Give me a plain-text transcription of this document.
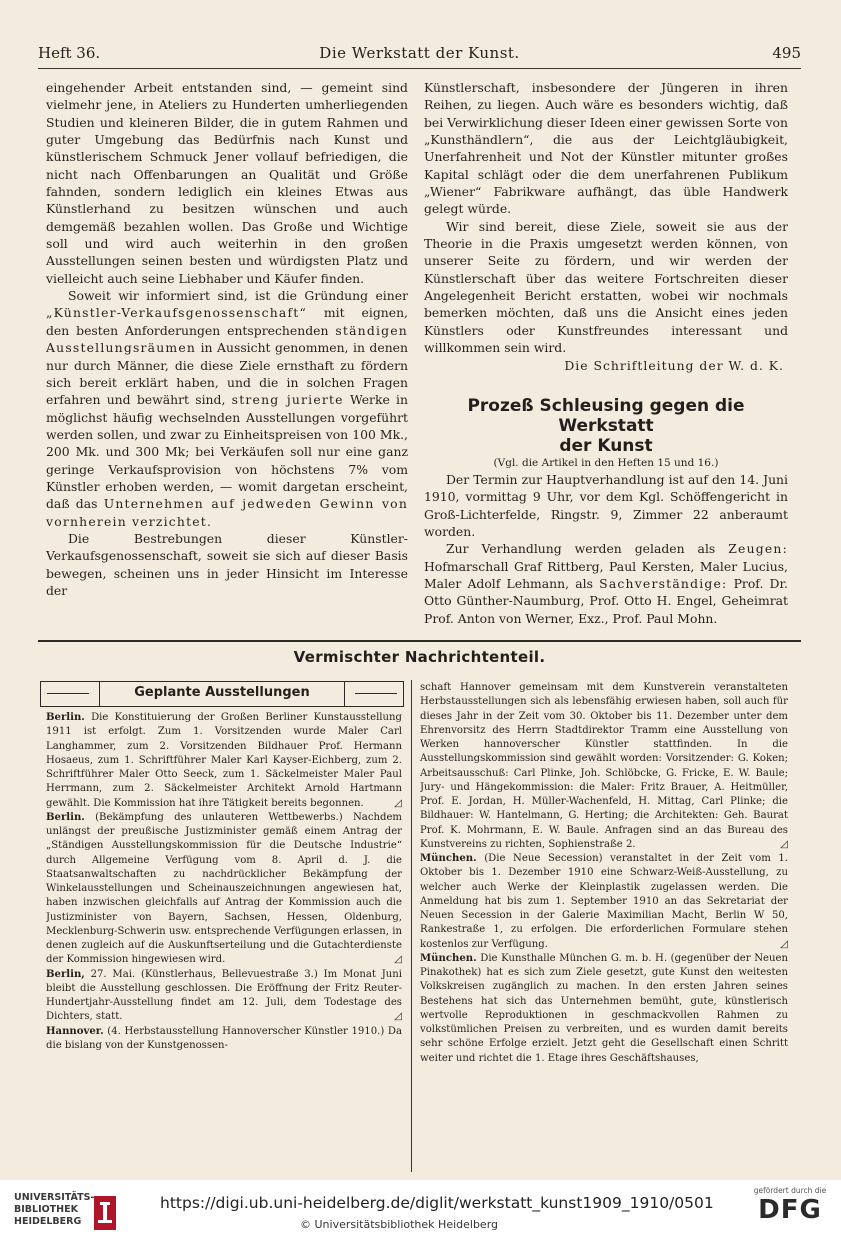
Heft 36.	Die Werkstatt der Kunst.	495

eingehender Arbeit entstanden sind, — gemeint sind vielmehr jene, in Ateliers zu Hunderten umherliegenden Studien und kleineren Bilder, die in gutem Rahmen und guter Umgebung das Bedürfnis nach Kunst und künstlerischem Schmuck Jener vollauf befriedigen, die nicht nach Offenbarungen an Qualität und Größe fahnden, sondern lediglich ein kleines Etwas aus Künstlerhand zu besitzen wünschen und auch demgemäß bezahlen wollen. Das Große und Wichtige soll und wird auch weiterhin in den großen Ausstellungen seinen besten und würdigsten Platz und vielleicht auch seine Liebhaber und Käufer finden.

Soweit wir informiert sind, ist die Gründung einer „Künstler-Verkaufsgenossenschaft“ mit eignen, den besten Anforderungen entsprechenden ständigen Ausstellungsräumen in Aussicht genommen, in denen nur durch Männer, die diese Ziele ernsthaft zu fördern sich bereit erklärt haben, und die in solchen Fragen erfahren und bewährt sind, streng jurierte Werke in möglichst häufig wechselnden Ausstellungen vorgeführt werden sollen, und zwar zu Einheitspreisen von 100 Mk., 200 Mk. und 300 Mk; bei Verkäufen soll nur eine ganz geringe Verkaufsprovision von höchstens 7% vom Künstler erhoben werden, — womit dargetan erscheint, daß das Unternehmen auf jedweden Gewinn von vornherein verzichtet.

Die Bestrebungen dieser Künstler-Verkaufsgenossenschaft, soweit sie sich auf dieser Basis bewegen, scheinen uns in jeder Hinsicht im Interesse der

Künstlerschaft, insbesondere der Jüngeren in ihren Reihen, zu liegen. Auch wäre es besonders wichtig, daß bei Verwirklichung dieser Ideen einer gewissen Sorte von „Kunsthändlern“, die aus der Leichtgläubigkeit, Unerfahrenheit und Not der Künstler mitunter großes Kapital schlägt oder die dem unerfahrenen Publikum „Wiener“ Fabrikware aufhängt, das üble Handwerk gelegt würde.

Wir sind bereit, diese Ziele, soweit sie aus der Theorie in die Praxis umgesetzt werden können, von unserer Seite zu fördern, und wir werden der Künstlerschaft über das weitere Fortschreiten dieser Angelegenheit Bericht erstatten, wobei wir nochmals bemerken möchten, daß uns die Ansicht eines jeden Künstlers oder Kunstfreundes interessant und willkommen sein wird.

Die Schriftleitung der W. d. K.

Prozeß Schleusing gegen die Werkstatt

der Kunst

(Vgl. die Artikel in den Heften 15 und 16.)

Der Termin zur Hauptverhandlung ist auf den 14. Juni 1910, vormittag 9 Uhr, vor dem Kgl. Schöffengericht in Groß-Lichterfelde, Ringstr. 9, Zimmer 22 anberaumt worden.

Zur Verhandlung werden geladen als Zeugen: Hofmarschall Graf Rittberg, Paul Kersten, Maler Lucius, Maler Adolf Lehmann, als Sachverständige: Prof. Dr. Otto Günther-Naumburg, Prof. Otto H. Engel, Geheimrat Prof. Anton von Werner, Exz., Prof. Paul Mohn.

Vermischter Nachrichtenteil.
Geplante Ausstellungen

Berlin. Die Konstituierung der Großen Berliner Kunstausstellung 1911 ist erfolgt. Zum 1. Vorsitzenden wurde Maler Carl Langhammer, zum 2. Vorsitzenden Bildhauer Prof. Hermann Hosaeus, zum 1. Schriftführer Maler Karl Kayser-Eichberg, zum 2. Schriftführer Maler Otto Seeck, zum 1. Säckelmeister Maler Paul Herrmann, zum 2. Säckelmeister Architekt Arnold Hartmann gewählt. Die Kommission hat ihre Tätigkeit bereits begonnen.	◿

Berlin. (Bekämpfung des unlauteren Wettbewerbs.) Nachdem unlängst der preußische Justizminister gemäß einem Antrag der „Ständigen Ausstellungskommission für die Deutsche Industrie“ durch Allgemeine Verfügung vom 8. April d. J. die Staatsanwaltschaften zu nachdrücklicher Bekämpfung der Winkelausstellungen und Scheinauszeichnungen angewiesen hat, haben inzwischen gleichfalls auf Antrag der Kommission auch die Justizminister von Bayern, Sachsen, Hessen, Oldenburg, Mecklenburg-Schwerin usw. entsprechende Verfügungen erlassen, in denen zugleich auf die Auskunftserteilung und die Gutachterdienste der Kommission hingewiesen wird.	◿

Berlin, 27. Mai. (Künstlerhaus, Bellevuestraße 3.) Im Monat Juni bleibt die Ausstellung geschlossen. Die Eröffnung der Fritz Reuter-Hundertjahr-Ausstellung findet am 12. Juli, dem Todestage des Dichters, statt.	◿

Hannover. (4. Herbstausstellung Hannoverscher Künstler 1910.) Da die bislang von der Kunstgenossen-

schaft Hannover gemeinsam mit dem Kunstverein veranstalteten Herbstausstellungen sich als lebensfähig erwiesen haben, soll auch für dieses Jahr in der Zeit vom 30. Oktober bis 11. Dezember unter dem Ehrenvorsitz des Herrn Stadtdirektor Tramm eine Ausstellung von Werken hannoverscher Künstler stattfinden. In die Ausstellungskommission sind gewählt worden: Vorsitzender: G. Koken; Arbeitsausschuß: Carl Plinke, Joh. Schlöbcke, G. Fricke, E. W. Baule; Jury- und Hängekommission: die Maler: Fritz Brauer, A. Heitmüller, Prof. E. Jordan, H. Müller-Wachenfeld, H. Mittag, Carl Plinke; die Bildhauer: W. Hantelmann, G. Herting; die Architekten: Geh. Baurat Prof. K. Mohrmann, E. W. Baule. Anfragen sind an das Bureau des Kunstvereins zu richten, Sophienstraße 2.	◿

München. (Die Neue Secession) veranstaltet in der Zeit vom 1. Oktober bis 1. Dezember 1910 eine Schwarz-Weiß-Ausstellung, zu welcher auch Werke der Kleinplastik zugelassen werden. Die Anmeldung hat bis zum 1. September 1910 an das Sekretariat der Neuen Secession in der Galerie Maximilian Macht, Berlin W 50, Rankestraße 1, zu erfolgen. Die erforderlichen Formulare stehen kostenlos zur Verfügung.	◿

München. Die Kunsthalle München G. m. b. H. (gegenüber der Neuen Pinakothek) hat es sich zum Ziele gesetzt, gute Kunst den weitesten Volkskreisen zugänglich zu machen. In den ersten Jahren seines Bestehens hat sich das Unternehmen bemüht, gute, künstlerisch wertvolle Reproduktionen in geschmackvollen Rahmen zu volkstümlichen Preisen zu verbreiten, und es wurden damit bereits sehr schöne Erfolge erzielt. Jetzt geht die Gesellschaft einen Schritt weiter und richtet die 1. Etage ihres Geschäftshauses,

UNIVERSITÄTS-
BIBLIOTHEK
HEIDELBERG
https://digi.ub.uni-heidelberg.de/diglit/werkstatt_kunst1909_1910/0501
© Universitätsbibliothek Heidelberg
gefördert durch die
DFG
